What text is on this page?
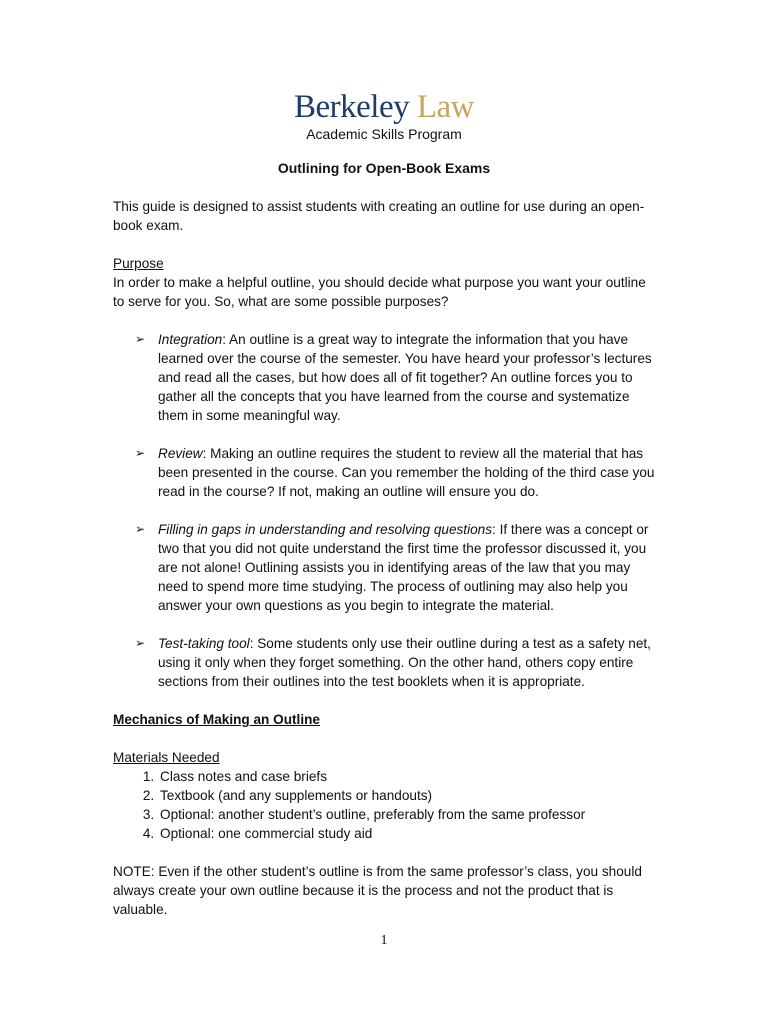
Berkeley Law
Academic Skills Program
Outlining for Open-Book Exams

This guide is designed to assist students with creating an outline for use during an open-book exam.

Purpose

In order to make a helpful outline, you should decide what purpose you want your outline to serve for you. So, what are some possible purposes?

➢ Integration: An outline is a great way to integrate the information that you have learned over the course of the semester. You have heard your professor’s lectures and read all the cases, but how does all of fit together? An outline forces you to gather all the concepts that you have learned from the course and systematize them in some meaningful way.
➢ Review: Making an outline requires the student to review all the material that has been presented in the course. Can you remember the holding of the third case you read in the course? If not, making an outline will ensure you do.
➢ Filling in gaps in understanding and resolving questions: If there was a concept or two that you did not quite understand the first time the professor discussed it, you are not alone! Outlining assists you in identifying areas of the law that you may need to spend more time studying. The process of outlining may also help you answer your own questions as you begin to integrate the material.
➢ Test-taking tool: Some students only use their outline during a test as a safety net, using it only when they forget something. On the other hand, others copy entire sections from their outlines into the test booklets when it is appropriate.

Mechanics of Making an Outline

Materials Needed

1. Class notes and case briefs
2. Textbook (and any supplements or handouts)
3. Optional: another student’s outline, preferably from the same professor
4. Optional: one commercial study aid

NOTE: Even if the other student’s outline is from the same professor’s class, you should always create your own outline because it is the process and not the product that is valuable.

1
